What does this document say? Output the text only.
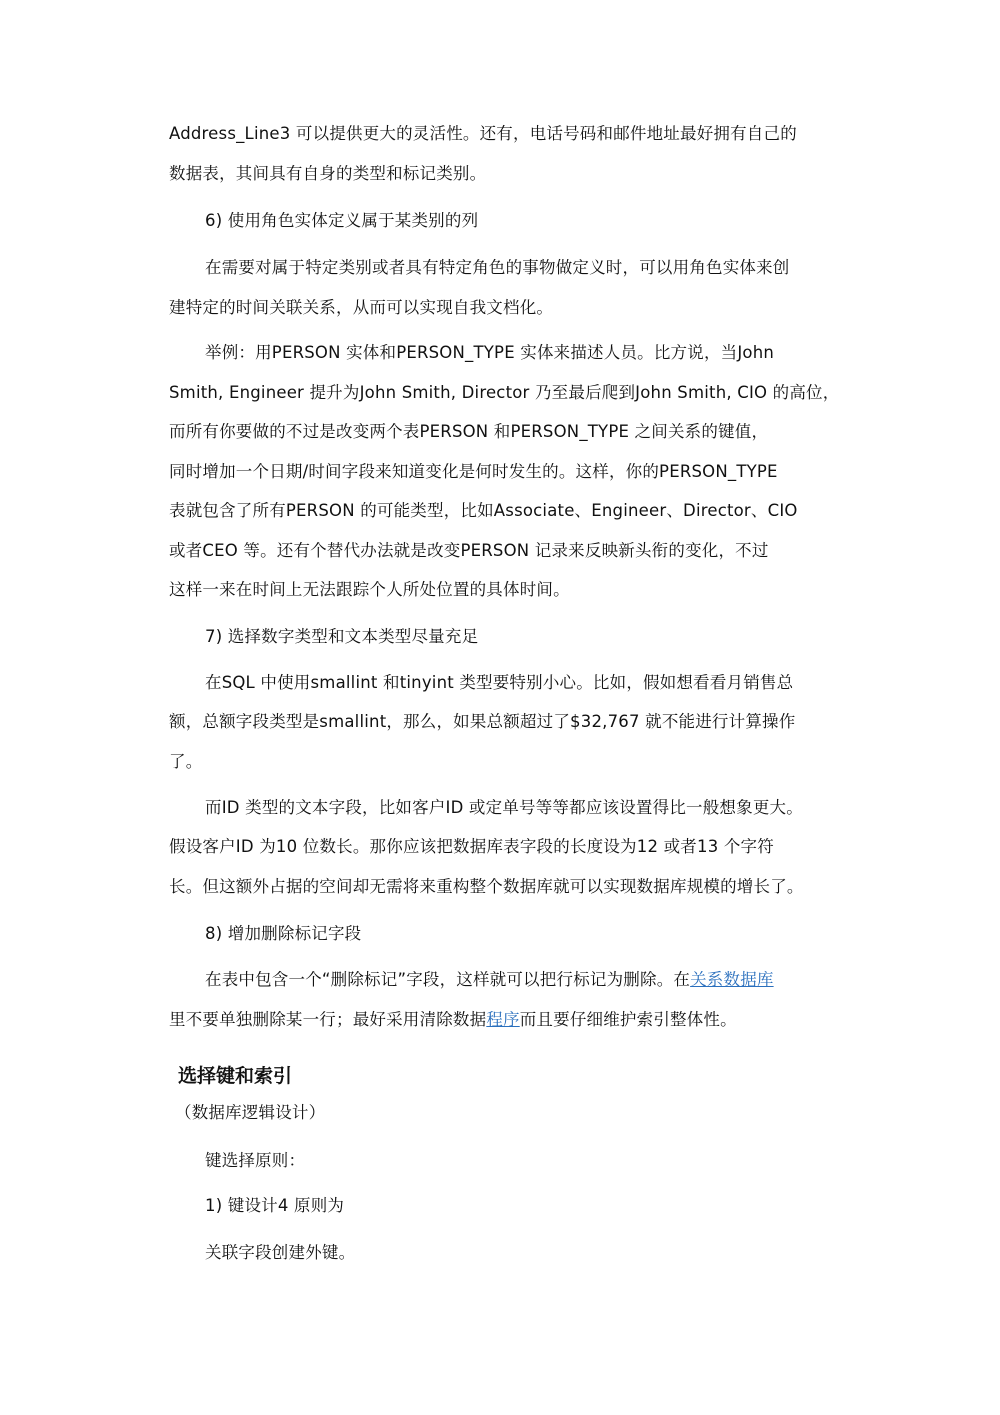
Address_Line3 可以提供更大的灵活性。还有，电话号码和邮件地址最好拥有自己的
数据表，其间具有自身的类型和标记类别。
6) 使用角色实体定义属于某类别的列
在需要对属于特定类别或者具有特定角色的事物做定义时，可以用角色实体来创
建特定的时间关联关系，从而可以实现自我文档化。
举例：用PERSON 实体和PERSON_TYPE 实体来描述人员。比方说，当John
Smith, Engineer 提升为John Smith, Director 乃至最后爬到John Smith, CIO 的高位，
而所有你要做的不过是改变两个表PERSON 和PERSON_TYPE 之间关系的键值，
同时增加一个日期/时间字段来知道变化是何时发生的。这样，你的PERSON_TYPE
表就包含了所有PERSON 的可能类型，比如Associate、Engineer、Director、CIO
或者CEO 等。还有个替代办法就是改变PERSON 记录来反映新头衔的变化，不过
这样一来在时间上无法跟踪个人所处位置的具体时间。
7) 选择数字类型和文本类型尽量充足
在SQL 中使用smallint 和tinyint 类型要特别小心。比如，假如想看看月销售总
额，总额字段类型是smallint，那么，如果总额超过了$32,767 就不能进行计算操作
了。
而ID 类型的文本字段，比如客户ID 或定单号等等都应该设置得比一般想象更大。
假设客户ID 为10 位数长。那你应该把数据库表字段的长度设为12 或者13 个字符
长。但这额外占据的空间却无需将来重构整个数据库就可以实现数据库规模的增长了。
8) 增加删除标记字段
在表中包含一个“删除标记”字段，这样就可以把行标记为删除。在关系数据库
里不要单独删除某一行；最好采用清除数据程序而且要仔细维护索引整体性。
选择键和索引
（数据库逻辑设计）
键选择原则：
1) 键设计4 原则为
关联字段创建外键。
